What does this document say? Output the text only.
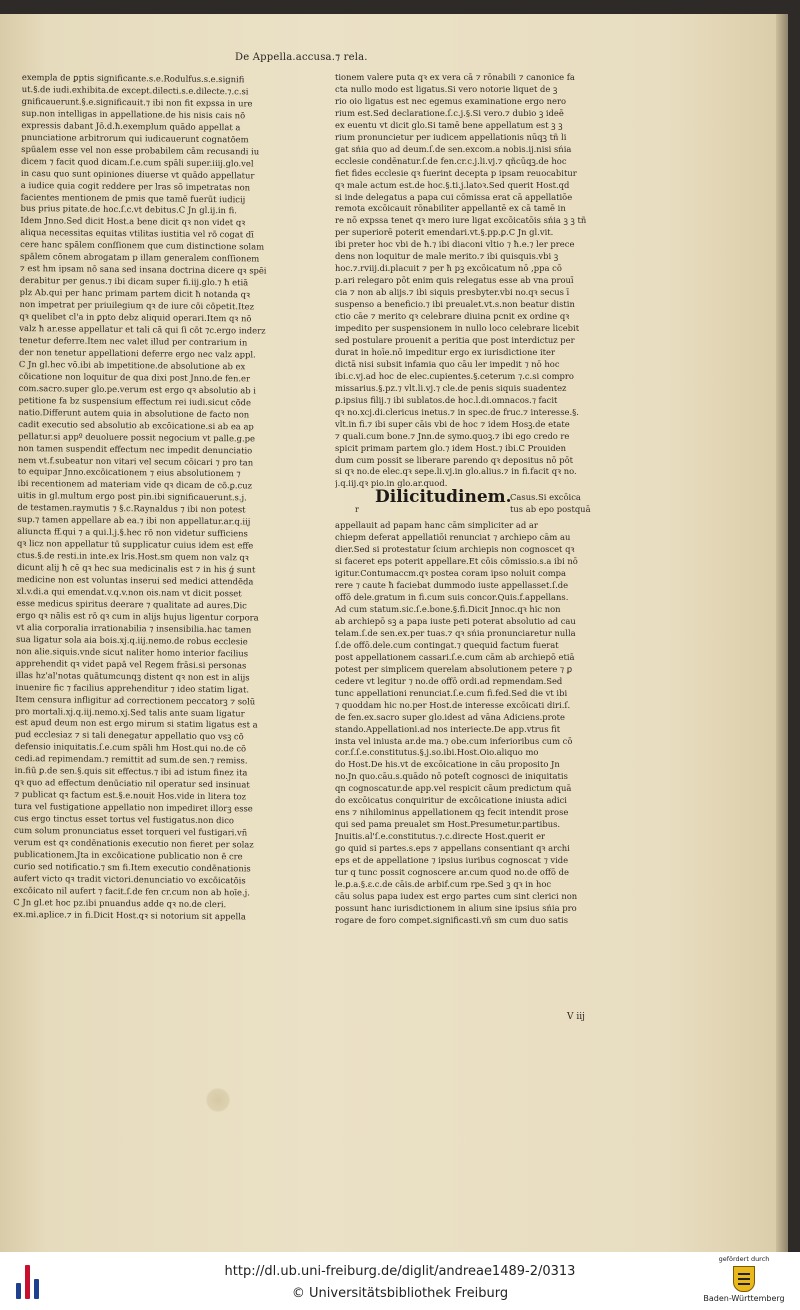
De Appella.accusa.⁊ rela.
exempla de ꝑptis significante.s.e.Rodulfus.s.e.signifi
ut.§.de iudi.exhibita.de except.dilecti.s.e.dilecte.⁊.c.si
gnificauerunt.§.e.significauit.⁊ ibi non fit expssa in ure
sup.non intelligas in appellatione.de his nisis cais nō
expressis dabant Jō.d.ħ.exemplum quādo appellat a
pnunciatione arbitrorum qui iudicauerunt cognatōem
spūalem esse vel non esse probabilem cām recusandi iu
dicem ⁊ facit quod dicam.ſ.e.cum spāli super.iiij.glo.vel
in casu quo sunt opiniones diuerse vt quādo appellatur
a iudice quia cogit reddere per lras sō impetratas non
facientes mentionem de pmis que tamē fuerūt iudicij
bus prius pitate.de hoc.ſ.c.vt debitus.C Jn gl.ij.in fi.
Idem Jnno.Sed dicit Host.a bene dicit qꝛ non videt qꝛ
aliqua necessitas equitas vtilitas iustitia vel rō cogat dī
cere hanc spālem conſſionem que cum distinctione solam
spālem cōnem abrogatam p illam generalem conſſionem
⁊ est hm ipsam nō sana sed insana doctrina dicere qꝛ spēi
derabitur per genus.⁊ ibi dicam super fi.iij.glo.⁊ ħ etiā
plz Ab.qui per hanc primam partem dicit ħ notanda qꝛ
non impetrat per priuilegium qꝛ de iure cōi cōpetit.Itez
qꝛ quelibet cl'a in ꝑpto debz aliquid operari.Item qꝛ nō
valz ħ ar.esse appellatur et tali cā qui ſi cōt ⁊c.ergo inderz
tenetur deferre.Item nec valet illud per contrarium in
der non tenetur appellationi deferre ergo nec valz appl.
C Jn gl.hec vō.ibi ab impetitione.de absolutione ab ex
cōicatione non loquitur de qua dixi post Jnno.de fen.er
com.sacro.super glo.pe.verum est ergo qꝛ absolutio ab i
petitione fa bz suspensium effectum rei iudi.sicut cōde
natio.Differunt autem quia in absolutione de facto non
cadit executio sed absolutio ab excōicatione.si ab ea ap
pellatur.si appº deuoluere possit negocium vt palle.g.pe
non tamen suspendit effectum nec impedit denunciatio
nem vt.f.subeatur non vitari vel secum cōicari ⁊ pro tan
to equipar Jnno.excōicationem ⁊ eius absolutionem ⁊
ibi recentionem ad materiam vide qꝛ dicam de cō.ꝑ.cuz
uitis in gl.multum ergo post pin.ibi significauerunt.s.j.
de testamen.raymutis ⁊ §.c.Raynaldus ⁊ ibi non potest
sup.⁊ tamen appellare ab ea.⁊ ibi non appellatur.ar.q.iij
aliuncta ff.qui ⁊ a qui.l.j.§.hec rō non videtur sufficiens
qꝛ licz non appellatur tū supplicatur cuius idem est effe
ctus.§.de resti.in inte.ex lris.Host.sm quem non valz qꝛ
dicunt alij ħ cē qꝛ hec sua medicinalis est ⁊ in his ǵ sunt
medicine non est voluntas inserui sed medici attendēda
xl.v.di.a qui emendat.v.q.v.non ois.nam vt dicit posset
esse medicus spiritus deerare ⁊ qualitate ad aures.Dic
ergo qꝛ nālis est rō qꝛ cum in alijs hujus ligentur corpora
vt alia corporalia irrationabilia ⁊ insensibilia.hac tamen
sua ligatur sola aia bois.xj.q.iij.nemo.de robus ecclesie
non alie.siquis.vnde sicut naliter homo interior facilius
apprehendit qꝛ videt papā vel Regem frāsi.si personas
illas hz'al'notas quātumcunqꝫ distent qꝛ non est in alijs
inuenire fic ⁊ facilius apprehenditur ⁊ ideo statim ligat.
Item censura infligitur ad correctionem peccatorꝫ ⁊ solū
pro mortali.xj.q.iij.nemo.xj.Sed talis ante suam ligatur
est apud deum non est ergo mirum si statim ligatus est a
pud ecclesiaz ⁊ si tali denegatur appellatio quo vsꝫ cō
defensio iniquitatis.ſ.e.cum spāli hm Host.qui no.de cō
cedi.ad repimendam.⁊ remittit ad sum.de sen.⁊ remiss.
in.fiū ꝑ.de sen.§.quis sit effectus.⁊ ibi ad istum finez ita
qꝛ quo ad effectum denūciatio nil operatur sed insinuat
⁊ publicat qꝛ factum est.§.e.nouit Hos.vide in litera toz
tura vel fustigatione appellatio non impediret illorꝫ esse
cus ergo tinctus esset tortus vel fustigatus.non dico
cum solum pronunciatus esset torqueri vel fustigari.vñ
verum est qꝛ condēnationis executio non fieret per solaz
publicationem.Jta in excōicatione publicatio non ē cre
curio sed notificatio.⁊ sm fi.Item executio condēnationis
aufert victo qꝛ tradit victori.denunciatio vo excōicatōis
excōicato nil aufert ⁊ facit.ſ.de fen cr.cum non ab hoīe.j.
C Jn gl.et hoc pz.ibi pnuandus adde qꝛ no.de cleri.
ex.mi.aplice.⁊ in fi.Dicit Host.qꝛ si notorium sit appella
tionem valere puta qꝛ ex vera cā ⁊ rōnabili ⁊ canonice fa
cta nullo modo est ligatus.Si vero notorie liquet de ꝫ
rio oio ligatus est nec egemus examinatione ergo nero
rium est.Sed declaratione.ſ.c.j.§.Si vero.⁊ dubio ꝫ ideē
ex euentu vt dicit glo.Si tamē bene appellatum est ꝫ ꝫ
rium pronuncietur per iudicem appellationis nūqꝫ tñ li
gat sńia quo ad deum.ſ.de sen.excom.a nobis.ij.nisi sńia
ecclesie condēnatur.ſ.de fen.cr.c.j.li.vj.⁊ qñcūqꝫ.de hoc
fiet fides ecclesie qꝛ fuerint decepta p ipsam reuocabitur
qꝛ male actum est.de hoc.§.ti.j.latoꝛ.Sed querit Host.qd
si inde delegatus a papa cui cōmissa erat cā appellatiōe
remota excōicauit rōnabiliter appellantē ex cā tamē in
re nō expssa tenet qꝛ mero iure ligat excōicatōis sńia ꝫ ꝫ tñ
per superiorē poterit emendari.vt.§.pp.ꝑ.C Jn gl.vit.
ibi preter hoc vbi de ħ.⁊ ibi diaconi vltio ⁊ ħ.e.⁊ ler prece
dens non loquitur de male merito.⁊ ibi quisquis.vbi ꝫ
hoc.⁊.rviij.di.placuit ⁊ per ħ pꝫ excōicatum nō ,ppa cō
p.ari relegaro pōt enim quis relegatus esse ab vna prouī
cia ⁊ non ab alijs.⁊ ibi siquis presbyter.vbi no.qꝛ secus ī
suspenso a beneficio.⁊ ibi preualet.vt.s.non beatur distin
ctio cāe ⁊ merito qꝛ celebrare diuina pcnit ex ordine qꝛ
impedito per suspensionem in nullo loco celebrare licebit
sed postulare prouenit a peritia que post interdictuz per
durat in hoīe.nō impeditur ergo ex iurisdictione iter
dictā nisi subsit infamia quo cāu ler impedit ⁊ nō hoc
ibi.c.vj.ad hoc de elec.cupientes.§.ceterum ⁊.c.si compro
missarius.§.pz.⁊ vlt.li.vj.⁊ cle.de penis siquis suadentez
ꝑ.ipsius filij.⁊ ibi sublatos.de hoc.l.di.omnacos.⁊ facit
qꝛ no.xcj.di.clericus inetus.⁊ in spec.de fruc.⁊ interesse.§.
vlt.in fi.⁊ ibi super cāis vbi de hoc ⁊ idem Hosꝫ.de etate
⁊ quali.cum bone.⁊ Jnn.de symo.quoꝫ.⁊ ibi ego credo re
spicit primam partem glo.⁊ idem Host.⁊ ibi.C Prouiden
dum cum possit se liberare parendo qꝛ depositus nō pōt
si qꝛ no.de elec.qꝛ sepe.li.vj.in glo.alius.⁊ in fi.facit qꝛ no.
j.q.iij.qꝛ pio.in glo.ar.quod.
r
Dilicitudinem.
Casus.Si excōica
tus ab epo postquā
appellauit ad papam hanc cām simpliciter ad ar
chiepm deferat appellatiōi renunciat ⁊ archiepo cām au
dier.Sed si protestatur ſcium archiepis non cognoscet qꝛ
si faceret eps poterit appellare.Et cōis cōmissio.s.a ibi nō
igitur.Contumaccm.qꝛ postea coram ipso noluit compa
rere ⁊ caute ħ faciebat dummodo iuste appellasset.ſ.de
offō dele.gratum in fi.cum suis concor.Quis.f.appellans.
Ad cum statum.sic.ſ.e.bone.§.fi.Dicit Jnnoc.qꝛ hic non
ab archiepō sꝫ a papa iuste peti poterat absolutio ad cau
telam.ſ.de sen.ex.per tuas.⁊ qꝛ sńia pronunciaretur nulla
ſ.de offō.dele.cum contingat.⁊ quequid factum fuerat
post appellationem cassari.ſ.e.cum cām ab archiepō etiā
potest per simplicem querelam absolutionem petere ⁊ ꝑ
cedere vt legitur ⁊ no.de offō ordi.ad repmendam.Sed
tunc appellationi renunciat.ſ.e.cum fi.fed.Sed die vt ibi
⁊ quoddam hic no.per Host.de interesse excōicati diri.ſ.
de fen.ex.sacro super glo.idest ad vāna Adiciens.prote
stando.Appellationi.ad nos interiecte.De app.vtrus fit
insta vel iniusta ar.de ma.⁊ obe.cum inferioribus cum cō
cor.ſ.ſ.e.constitutus.§.j.so.ibi.Host.Oio.aliquo mo
do Host.De his.vt de excōicatione in cāu proposito Jn
no.Jn quo.cāu.s.quādo nō poteſt cognosci de iniquitatis
qn cognoscatur.de app.vel respicit cāum predictum quā
do excōicatus conquiritur de excōicatione iniusta adici
ens ⁊ nihilominus appellationem qꝫ fecit intendit prose
qui sed pama preualet sm Host.Presumetur.partibus.
Jnuitis.al'ſ.e.constitutus.⁊.c.directe Host.querit er
go quid si partes.s.eps ⁊ appellans consentiant qꝛ archi
eps et de appellatione ⁊ ipsius iuribus cognoscat ⁊ vide
tur q tunc possit cognoscere ar.cum quod no.de offō de
le.ꝑ.a.§.ɛ.c.de cāis.de arbif.cum rpe.Sed ꝫ qꝛ in hoc
cāu solus papa iudex est ergo partes cum sint clerici non
possunt hanc iurisdictionem in alium sine ipsius sńia pro
rogare de foro compet.significasti.vñ sm cum duo satis
V iij
http://dl.ub.uni-freiburg.de/diglit/andreae1489-2/0313
© Universitätsbibliothek Freiburg
gefördert durch
Baden-Württemberg
